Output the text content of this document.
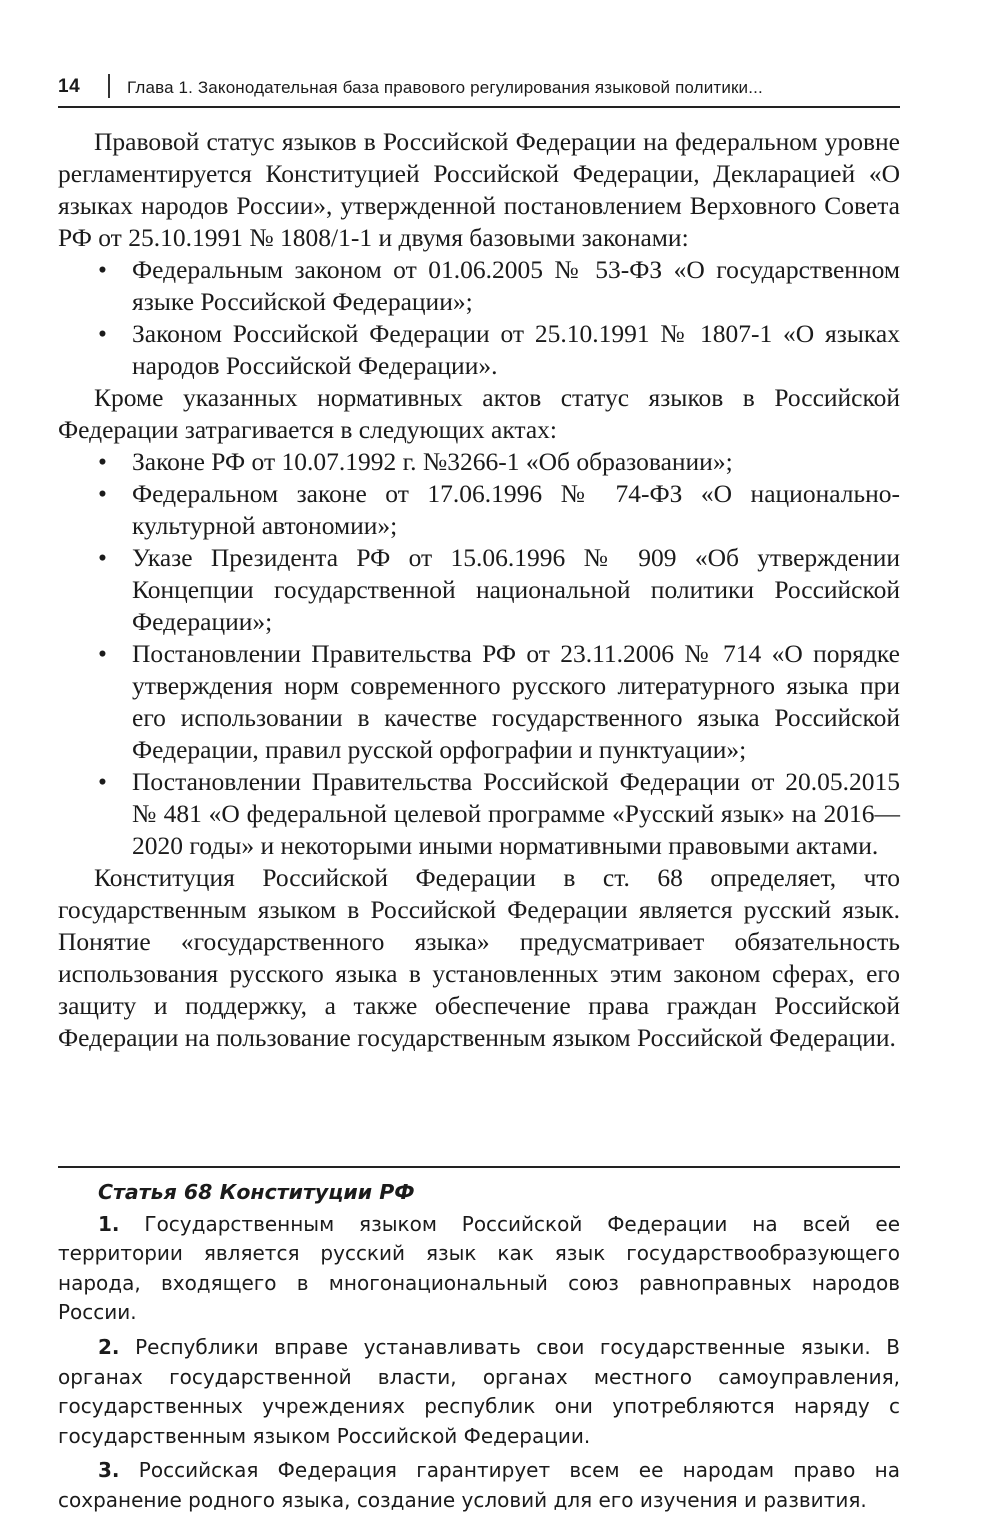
14	Глава 1. Законодательная база правового регулирования языковой политики...

Правовой статус языков в Российской Федерации на федеральном уровне регламентируется Конституцией Российской Федерации, Декларацией «О языках народов России», утвержденной постановлением Верховного Совета РФ от 25.10.1991 № 1808/1-1 и двумя базовыми законами:

• Федеральным законом от 01.06.2005 № 53-ФЗ «О государственном языке Российской Федерации»;
• Законом Российской Федерации от 25.10.1991 № 1807-1 «О языках народов Российской Федерации».

Кроме указанных нормативных актов статус языков в Российской Федерации затрагивается в следующих актах:

• Законе РФ от 10.07.1992 г. №3266-1 «Об образовании»;
• Федеральном законе от 17.06.1996 № 74-ФЗ «О национально-культурной автономии»;
• Указе Президента РФ от 15.06.1996 № 909 «Об утверждении Концепции государственной национальной политики Российской Федерации»;
• Постановлении Правительства РФ от 23.11.2006 № 714 «О порядке утверждения норм современного русского литературного языка при его использовании в качестве государственного языка Российской Федерации, правил русской орфографии и пунктуации»;
• Постановлении Правительства Российской Федерации от 20.05.2015 № 481 «О федеральной целевой программе «Русский язык» на 2016—2020 годы» и некоторыми иными нормативными правовыми актами.

Конституция Российской Федерации в ст. 68 определяет, что государственным языком в Российской Федерации является русский язык. Понятие «государственного языка» предусматривает обязательность использования русского языка в установленных этим законом сферах, его защиту и поддержку, а также обеспечение права граждан Российской Федерации на пользование государственным языком Российской Федерации.

Статья 68 Конституции РФ

1. Государственным языком Российской Федерации на всей ее территории является русский язык как язык государствообразующего народа, входящего в многонациональный союз равноправных народов России.

2. Республики вправе устанавливать свои государственные языки. В органах государственной власти, органах местного самоуправления, государственных учреждениях республик они употребляются наряду с государственным языком Российской Федерации.

3. Российская Федерация гарантирует всем ее народам право на сохранение родного языка, создание условий для его изучения и развития.
